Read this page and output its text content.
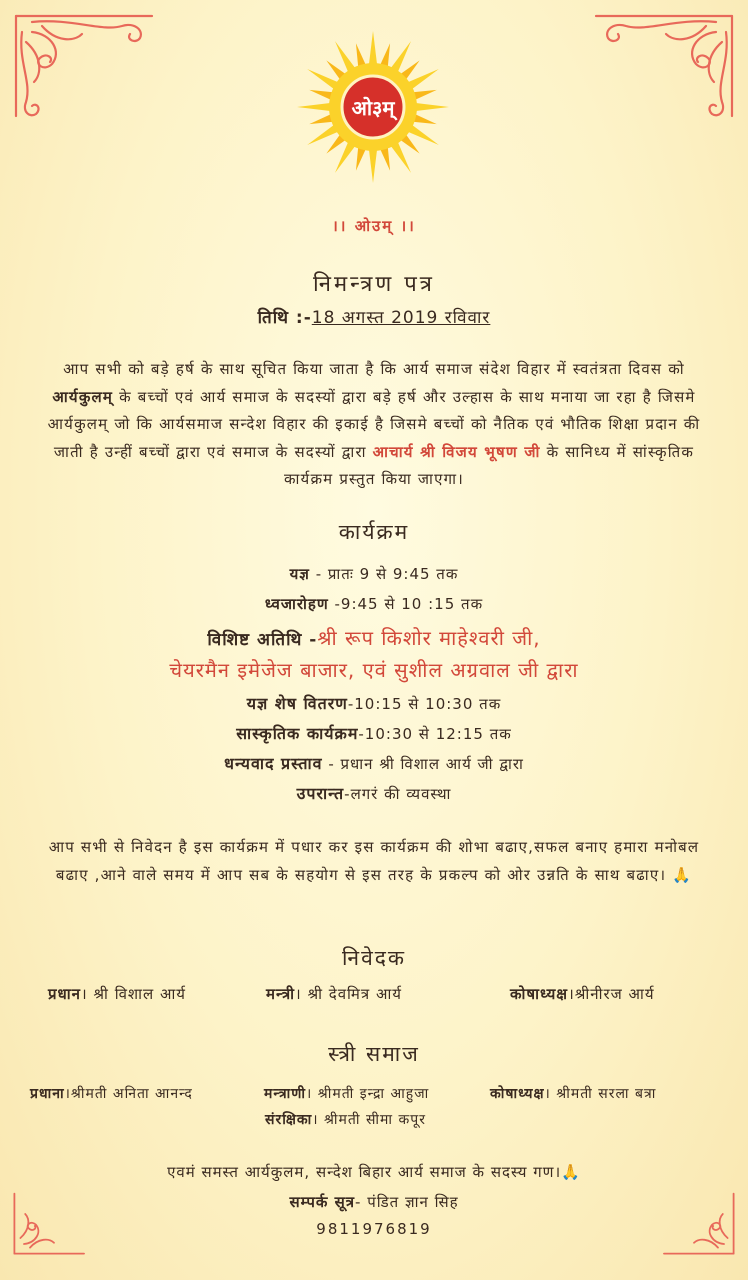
ओ३म्
।। ओउम् ।।
निमन्त्रण पत्र
तिथि :-18 अगस्त 2019 रविवार
आप सभी को बड़े हर्ष के साथ सूचित किया जाता है कि आर्य समाज संदेश विहार में स्वतंत्रता दिवस को आर्यकुलम् के बच्चों एवं आर्य समाज के सदस्यों द्वारा बड़े हर्ष और उल्हास के साथ मनाया जा रहा है जिसमे आर्यकुलम् जो कि आर्यसमाज सन्देश विहार की इकाई है जिसमे बच्चों को नैतिक एवं भौतिक शिक्षा प्रदान की जाती है उन्हीं बच्चों द्वारा एवं समाज के सदस्यों द्वारा आचार्य श्री विजय भूषण जी के सानिध्य में सांस्कृतिक कार्यक्रम प्रस्तुत किया जाएगा।
कार्यक्रम
यज्ञ - प्रातः 9 से 9:45 तक
ध्वजारोहण -9:45 से 10 :15 तक
विशिष्ट अतिथि -श्री रूप किशोर माहेश्वरी जी,
चेयरमैन इमेजेज बाजार, एवं सुशील अग्रवाल जी द्वारा
यज्ञ शेष वितरण-10:15 से 10:30 तक
सास्कृतिक कार्यक्रम-10:30 से 12:15 तक
धन्यवाद प्रस्ताव - प्रधान श्री विशाल आर्य जी द्वारा
उपरान्त-लगरं की व्यवस्था
आप सभी से निवेदन है इस कार्यक्रम में पधार कर इस कार्यक्रम की शोभा बढाए,सफल बनाए हमारा मनोबल बढाए ,आने वाले समय में आप सब के सहयोग से इस तरह के प्रकल्प को ओर उन्नति के साथ बढाए। 🙏
निवेदक
प्रधान। श्री विशाल आर्य	मन्त्री। श्री देवमित्र आर्य	कोषाध्यक्ष।श्रीनीरज आर्य
स्त्री समाज
प्रधाना।श्रीमती अनिता आनन्द	मन्त्राणी। श्रीमती इन्द्रा आहुजा	कोषाध्यक्ष। श्रीमती सरला बत्रा
संरक्षिका। श्रीमती सीमा कपूर
एवमं समस्त आर्यकुलम, सन्देश बिहार आर्य समाज के सदस्य गण।🙏
सम्पर्क सूत्र- पंडित ज्ञान सिह
9811976819
